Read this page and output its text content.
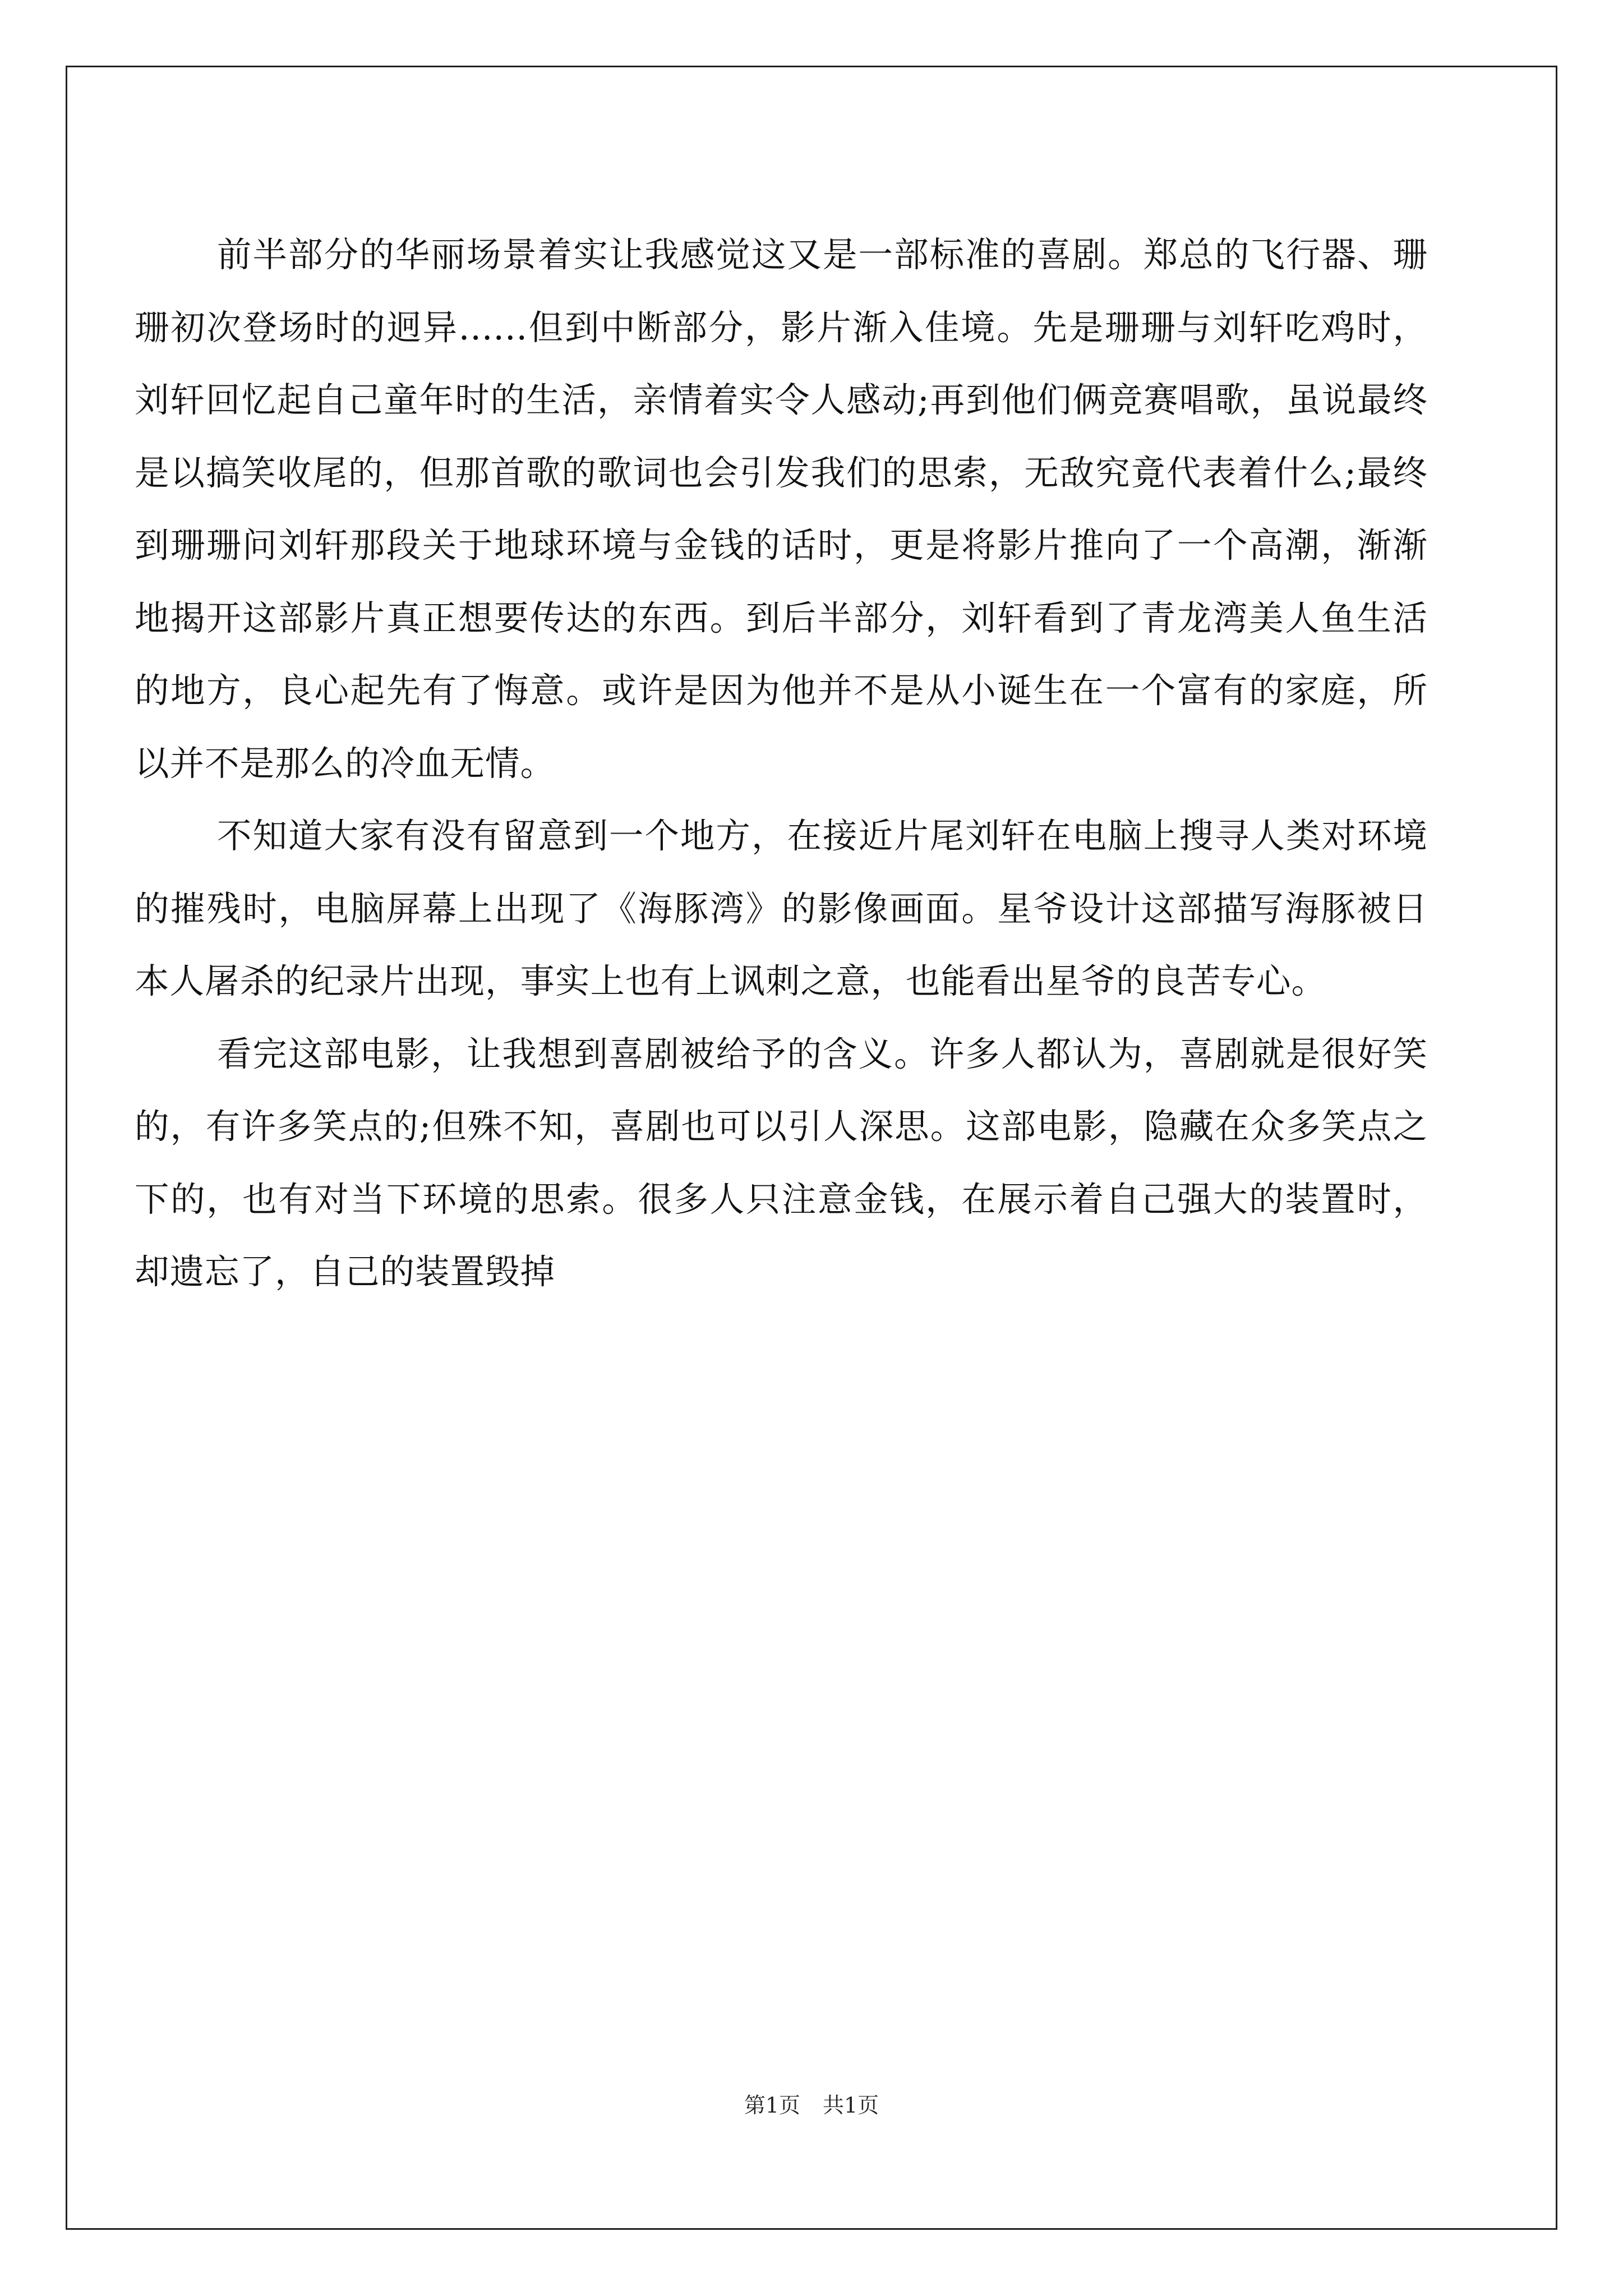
前半部分的华丽场景着实让我感觉这又是一部标准的喜剧。郑总的飞行器、珊珊初次登场时的迥异......但到中断部分，影片渐入佳境。先是珊珊与刘轩吃鸡时，刘轩回忆起自己童年时的生活，亲情着实令人感动;再到他们俩竞赛唱歌，虽说最终是以搞笑收尾的，但那首歌的歌词也会引发我们的思索，无敌究竟代表着什么;最终到珊珊问刘轩那段关于地球环境与金钱的话时，更是将影片推向了一个高潮，渐渐地揭开这部影片真正想要传达的东西。到后半部分，刘轩看到了青龙湾美人鱼生活的地方，良心起先有了悔意。或许是因为他并不是从小诞生在一个富有的家庭，所以并不是那么的冷血无情。

不知道大家有没有留意到一个地方，在接近片尾刘轩在电脑上搜寻人类对环境的摧残时，电脑屏幕上出现了《海豚湾》的影像画面。星爷设计这部描写海豚被日本人屠杀的纪录片出现，事实上也有上讽刺之意，也能看出星爷的良苦专心。

看完这部电影，让我想到喜剧被给予的含义。许多人都认为，喜剧就是很好笑的，有许多笑点的;但殊不知，喜剧也可以引人深思。这部电影，隐藏在众多笑点之下的，也有对当下环境的思索。很多人只注意金钱，在展示着自己强大的装置时，却遗忘了，自己的装置毁掉

第1页 共1页
